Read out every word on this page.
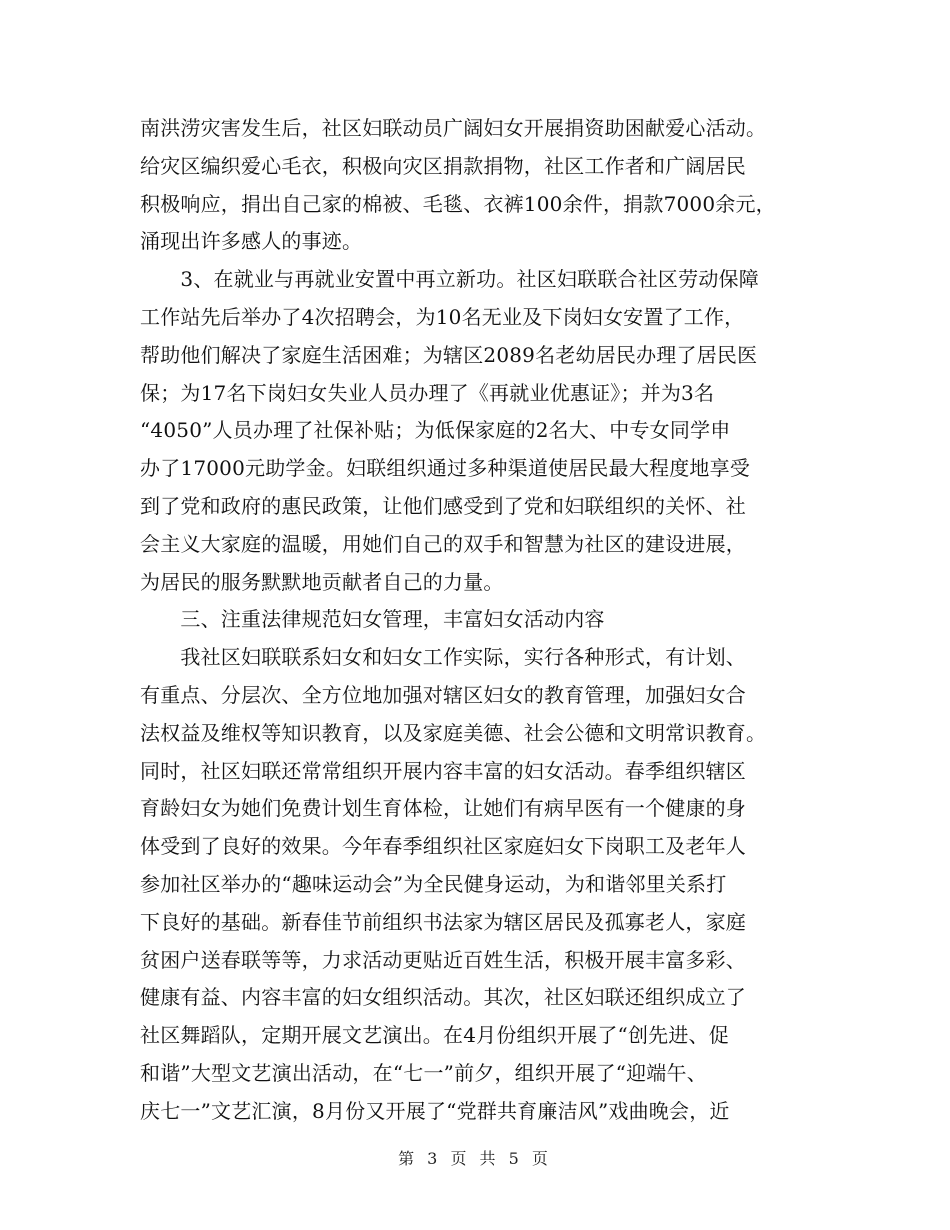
南洪涝灾害发生后，社区妇联动员广阔妇女开展捐资助困献爱心活动。
给灾区编织爱心毛衣，积极向灾区捐款捐物，社区工作者和广阔居民
积极响应，捐出自己家的棉被、毛毯、衣裤100余件，捐款7000余元，
涌现出许多感人的事迹。
　　3、在就业与再就业安置中再立新功。社区妇联联合社区劳动保障
工作站先后举办了4次招聘会，为10名无业及下岗妇女安置了工作，
帮助他们解决了家庭生活困难；为辖区2089名老幼居民办理了居民医
保；为17名下岗妇女失业人员办理了《再就业优惠证》；并为3名
“4050”人员办理了社保补贴；为低保家庭的2名大、中专女同学申
办了17000元助学金。妇联组织通过多种渠道使居民最大程度地享受
到了党和政府的惠民政策，让他们感受到了党和妇联组织的关怀、社
会主义大家庭的温暖，用她们自己的双手和智慧为社区的建设进展，
为居民的服务默默地贡献者自己的力量。
　　三、注重法律规范妇女管理，丰富妇女活动内容
　　我社区妇联联系妇女和妇女工作实际，实行各种形式，有计划、
有重点、分层次、全方位地加强对辖区妇女的教育管理，加强妇女合
法权益及维权等知识教育，以及家庭美德、社会公德和文明常识教育。
同时，社区妇联还常常组织开展内容丰富的妇女活动。春季组织辖区
育龄妇女为她们免费计划生育体检，让她们有病早医有一个健康的身
体受到了良好的效果。今年春季组织社区家庭妇女下岗职工及老年人
参加社区举办的“趣味运动会”为全民健身运动，为和谐邻里关系打
下良好的基础。新春佳节前组织书法家为辖区居民及孤寡老人，家庭
贫困户送春联等等，力求活动更贴近百姓生活，积极开展丰富多彩、
健康有益、内容丰富的妇女组织活动。其次，社区妇联还组织成立了
社区舞蹈队，定期开展文艺演出。在4月份组织开展了“创先进、促
和谐”大型文艺演出活动，在“七一”前夕，组织开展了“迎端午、
庆七一”文艺汇演，8月份又开展了“党群共育廉洁风”戏曲晚会，近
第 3 页 共 5 页
